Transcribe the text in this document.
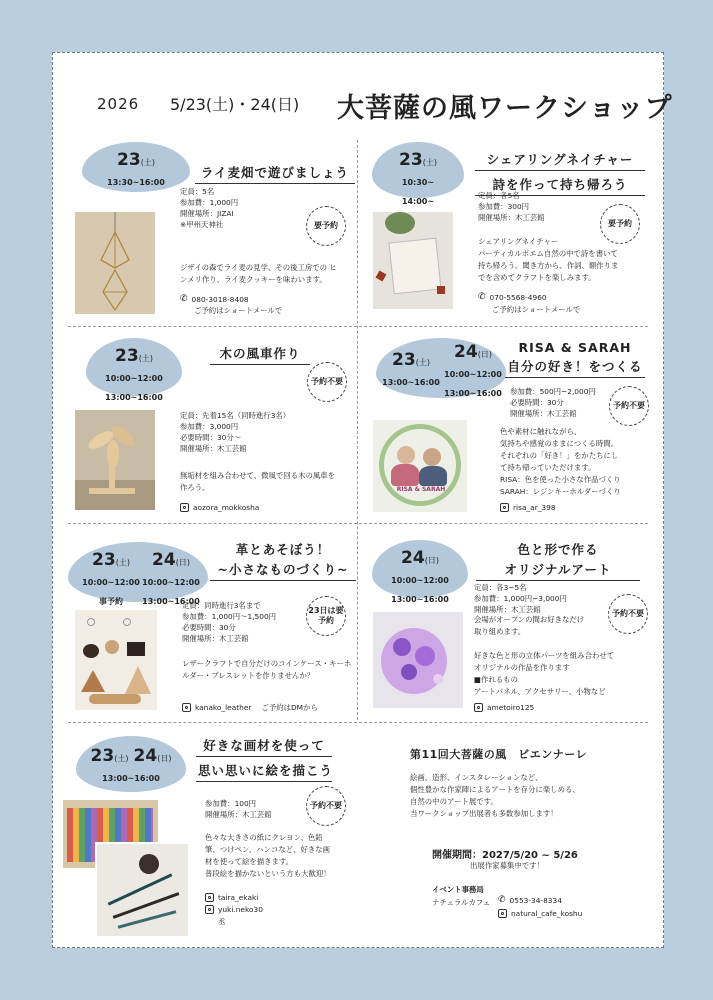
2026 5/23(土)・24(日) 大菩薩の風ワークショップ
23(土)
13:30~16:00
ライ麦畑で遊びましょう
定員：5名
参加費：1,000円
開催場所：JIZAI
※甲州天神社	要予約
ジザイの森でライ麦の見学、その後工房での ヒンメリ作り、ライ麦クッキーを味わいます。
✆ 080-3018-8408
ご予約はショートメールで
23(土)
10:30~
14:00~
シェアリングネイチャー
詩を作って持ち帰ろう
定員：各5名
参加費：300円
開催場所：木工芸館
要予約
シェアリングネイチャー
パーティカルポエム自然の中で詩を書いて
持ち帰ろう。聞き方から、作詞、額作りま
でを含めてクラフトを楽しみます。
✆ 070-5568-4960
ご予約はショートメールで
23(土)
10:00~12:00
13:00~16:00
木の風車作り
予約不要
定員：先着15名（同時進行3名）
参加費：3,000円
必要時間：30分～
開催場所：木工芸館
無垢材を組み合わせて、微風で回る木の風車を作ろう。
aozora_mokkosha
23(土)
13:00~16:00
24(日)
10:00~12:00
13:00~16:00
RISA & SARAH
自分の好き！をつくる
参加費：500円~2,000円
必要時間：30分
開催場所：木工芸館
予約不要
RISA & SARAH
色や素材に触れながら、
気持ちや感覚のままにつくる時間。
それぞれの「好き！」をかたちにし
て持ち帰っていただけます。
RISA：色を使った小さな作品づくり
SARAH：レジンキーホルダーづくり
risa_ar_398
23(土)
10:00~12:00
事予約
24(日)
10:00~12:00
13:00~16:00
革とあそぼう！
~小さなものづくり~
定員：同時進行3名まで
参加費：1,000円～1,500円
必要時間：30分
開催場所：木工芸館
23日は要予約
レザークラフトで自分だけのコインケース・キーホルダー・ブレスレットを作りませんか？
kanako_leather ご予約はDMから
24(日)
10:00~12:00
13:00~16:00
色と形で作る
オリジナルアート
定員：各3~5名
参加費：1,000円~3,000円
開催場所：木工芸館	予約不要
会場がオープンの間お好きなだけ
取り組めます。
好きな色と形の立体パーツを組み合わせて
オリジナルの作品を作ります
■作れるもの
アートパネル、アクセサリー、小物など
ametoiro125
23(土) 24(日)
13:00~16:00
好きな画材を使って
思い思いに絵を描こう
予約不要
参加費：100円
開催場所：木工芸館
色々な大きさの紙にクレヨン、色鉛
筆、つけペン、ハンコなど、好きな画
材を使って絵を描きます。
普段絵を描かないという方も大歓迎！
taira_ekaki
yuki.neko30
丞
第11回大菩薩の風　ビエンナーレ
絵画、造形、インスタレーションなど、
個性豊かな作家陣によるアートを存分に楽しめる、
自然の中のアート展です。
当ワークショップ出展者も多数参加します！
開催期間：2027/5/20 ~ 5/26
出展作家募集中です！
イベント事務局
ナチュラルカフェ ✆ 0553-34-8334
natural_cafe_koshu
